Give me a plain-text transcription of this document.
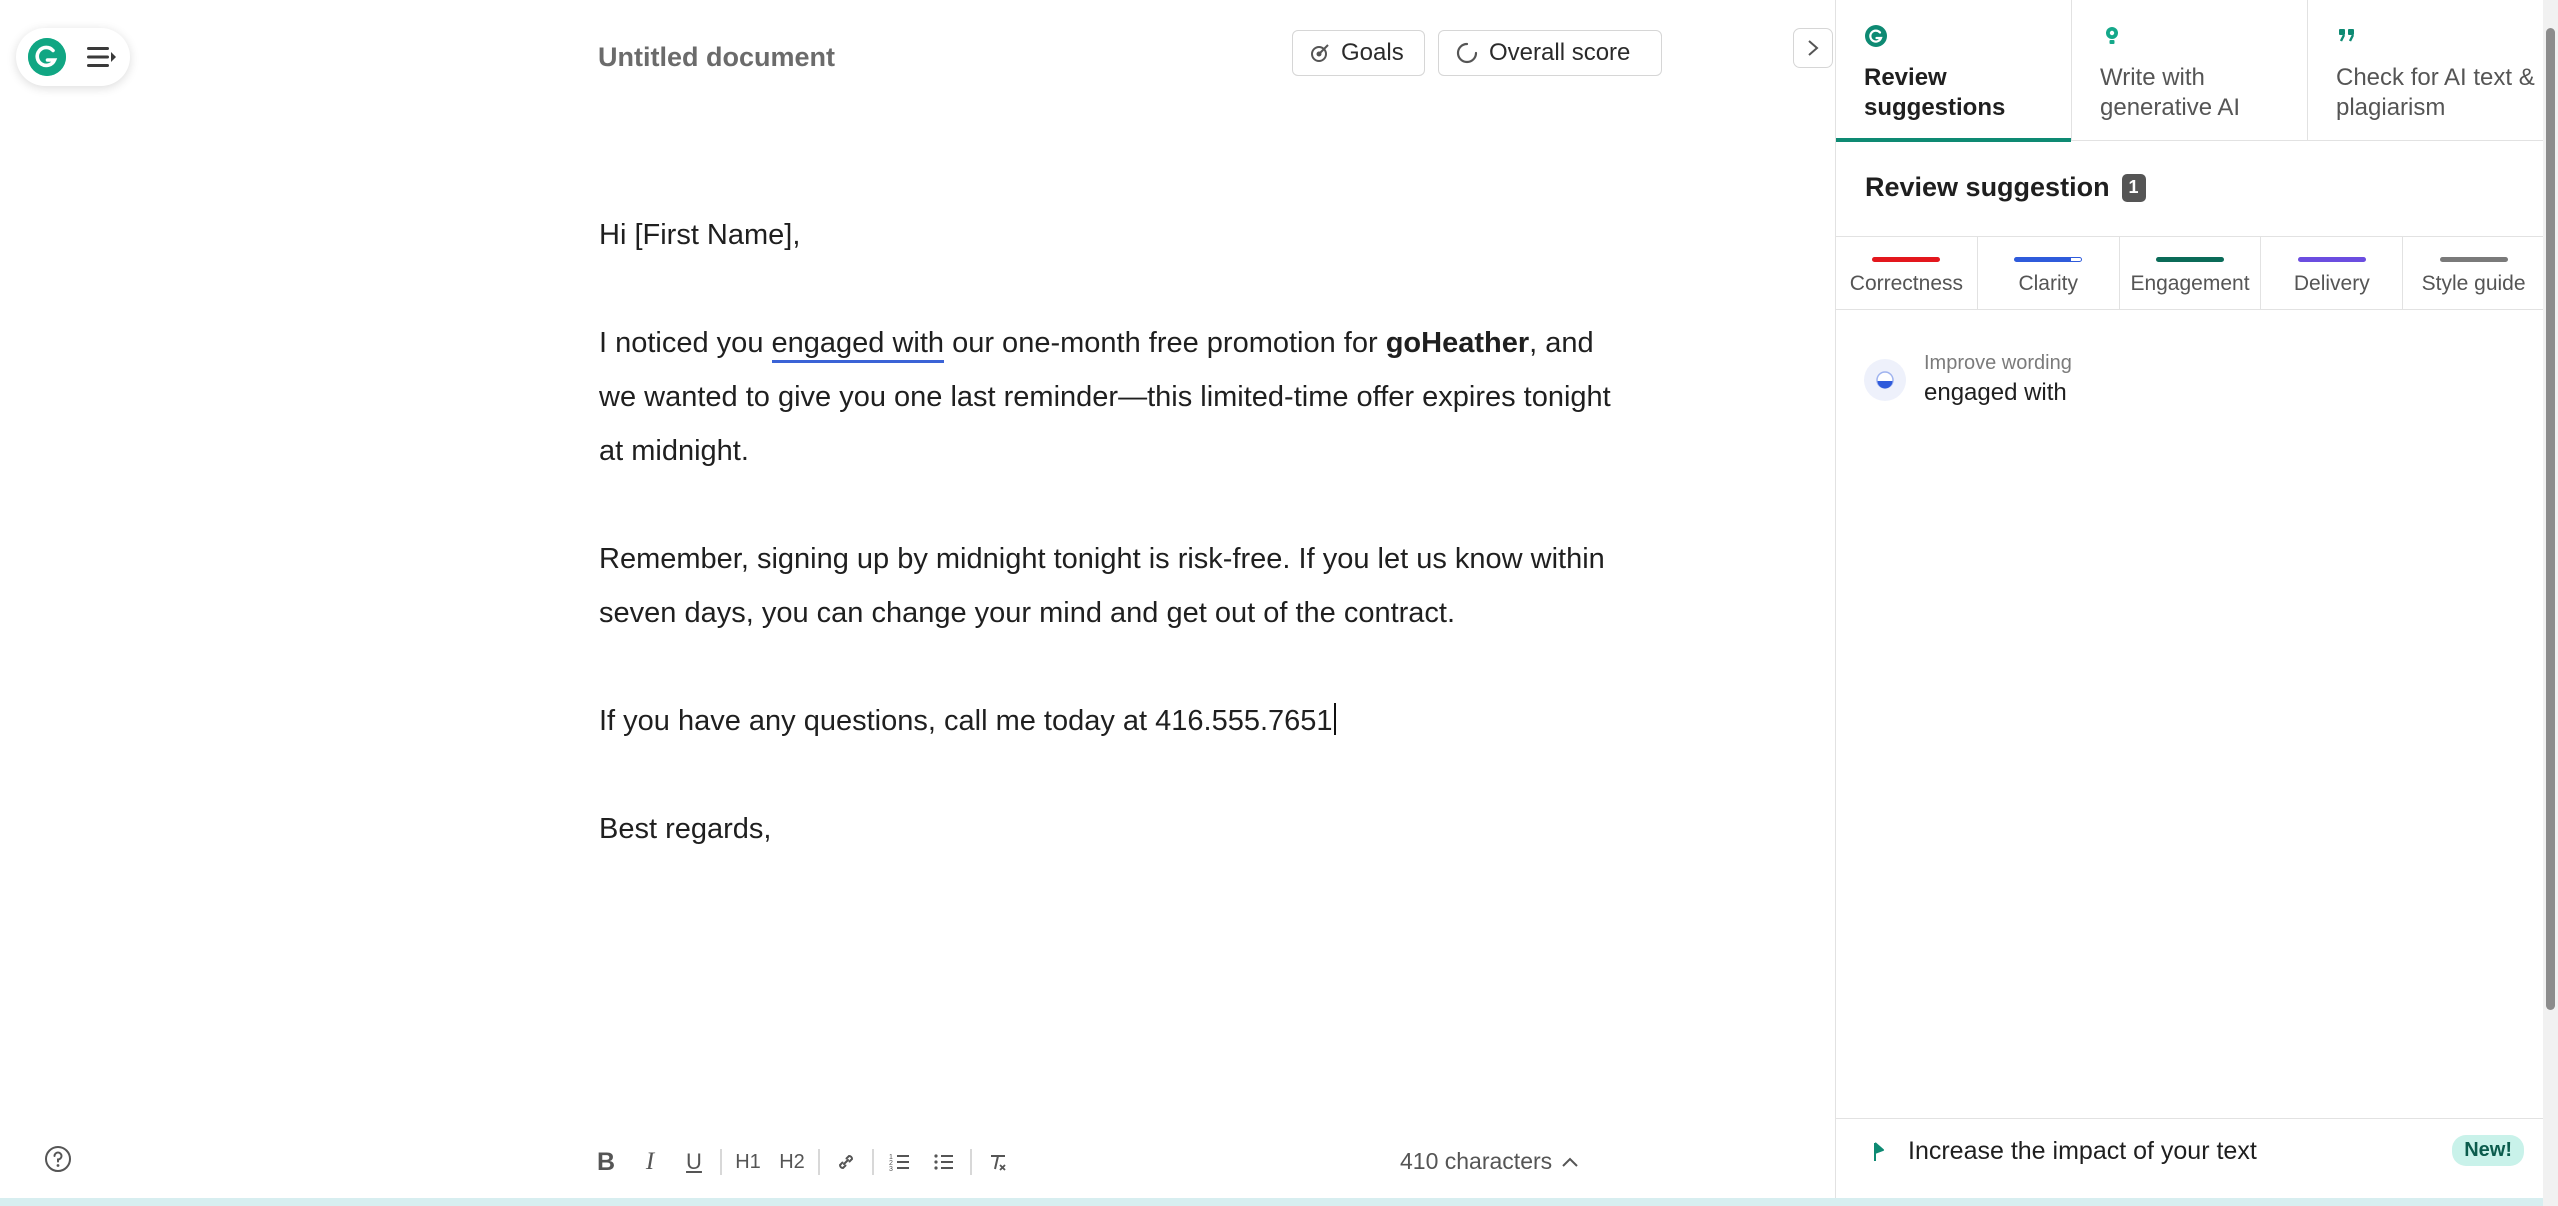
Untitled document	Goals	Overall score

Hi [First Name],

I noticed you engaged with our one-month free promotion for goHeather, and we wanted to give you one last reminder—this limited-time offer expires tonight at midnight.

Remember, signing up by midnight tonight is risk-free. If you let us know within seven days, you can change your mind and get out of the contract.

If you have any questions, call me today at 416.555.7651

Best regards,

B	I	U	H1 H2	1
2
3	410 characters
Review suggestions
Write with generative AI
Check for AI text & plagiarism
Review suggestion	1
Correctness	Clarity Engagement Delivery Style guide
Improve wording
engaged with
Increase the impact of your text	New!
